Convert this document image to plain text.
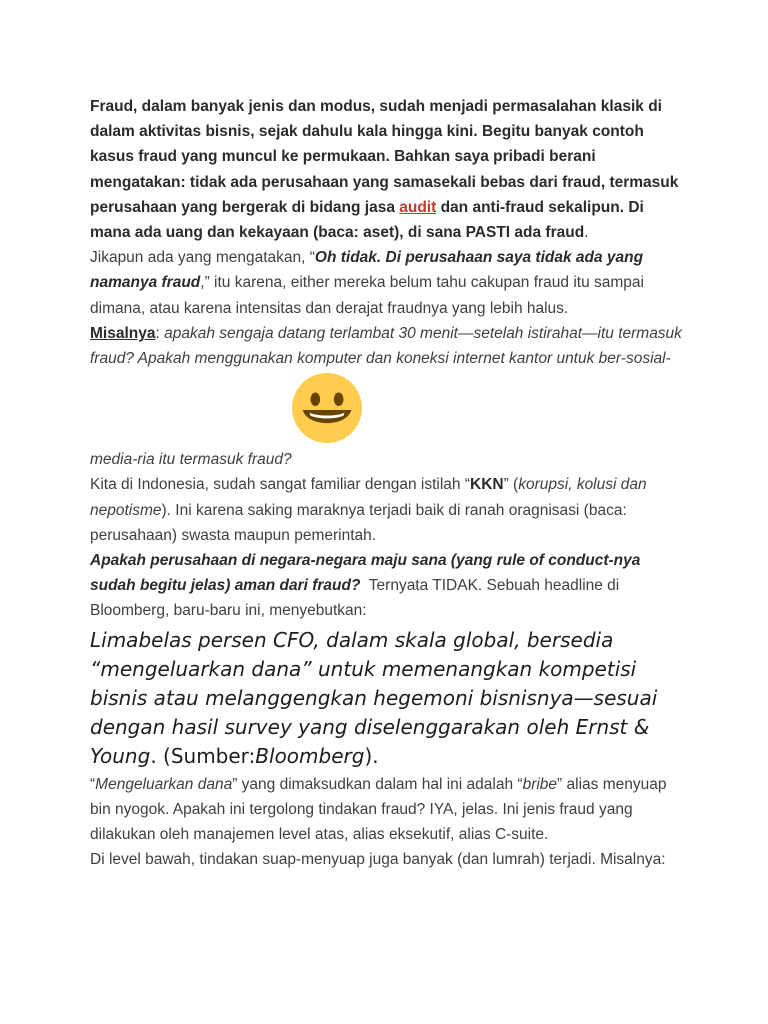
Fraud, dalam banyak jenis dan modus, sudah menjadi permasalahan klasik di dalam aktivitas bisnis, sejak dahulu kala hingga kini. Begitu banyak contoh kasus fraud yang muncul ke permukaan. Bahkan saya pribadi berani mengatakan: tidak ada perusahaan yang samasekali bebas dari fraud, termasuk perusahaan yang bergerak di bidang jasa audit dan anti-fraud sekalipun. Di mana ada uang dan kekayaan (baca: aset), di sana PASTI ada fraud.

Jikapun ada yang mengatakan, “Oh tidak. Di perusahaan saya tidak ada yang namanya fraud,” itu karena, either mereka belum tahu cakupan fraud itu sampai dimana, atau karena intensitas dan derajat fraudnya yang lebih halus.

Misalnya: apakah sengaja datang terlambat 30 menit—setelah istirahat—itu termasuk fraud? Apakah menggunakan komputer dan koneksi internet kantor untuk ber-sosial-

media-ria itu termasuk fraud?

Kita di Indonesia, sudah sangat familiar dengan istilah “KKN” (korupsi, kolusi dan nepotisme). Ini karena saking maraknya terjadi baik di ranah oragnisasi (baca: perusahaan) swasta maupun pemerintah.

Apakah perusahaan di negara-negara maju sana (yang rule of conduct-nya sudah begitu jelas) aman dari fraud?  Ternyata TIDAK. Sebuah headline di Bloomberg, baru-baru ini, menyebutkan:

Limabelas persen CFO, dalam skala global, bersedia “mengeluarkan dana” untuk memenangkan kompetisi bisnis atau melanggengkan hegemoni bisnisnya—sesuai dengan hasil survey yang diselenggarakan oleh Ernst & Young. (Sumber:Bloomberg).

“Mengeluarkan dana” yang dimaksudkan dalam hal ini adalah “bribe” alias menyuap bin nyogok. Apakah ini tergolong tindakan fraud? IYA, jelas. Ini jenis fraud yang dilakukan oleh manajemen level atas, alias eksekutif, alias C-suite.

Di level bawah, tindakan suap-menyuap juga banyak (dan lumrah) terjadi. Misalnya:
